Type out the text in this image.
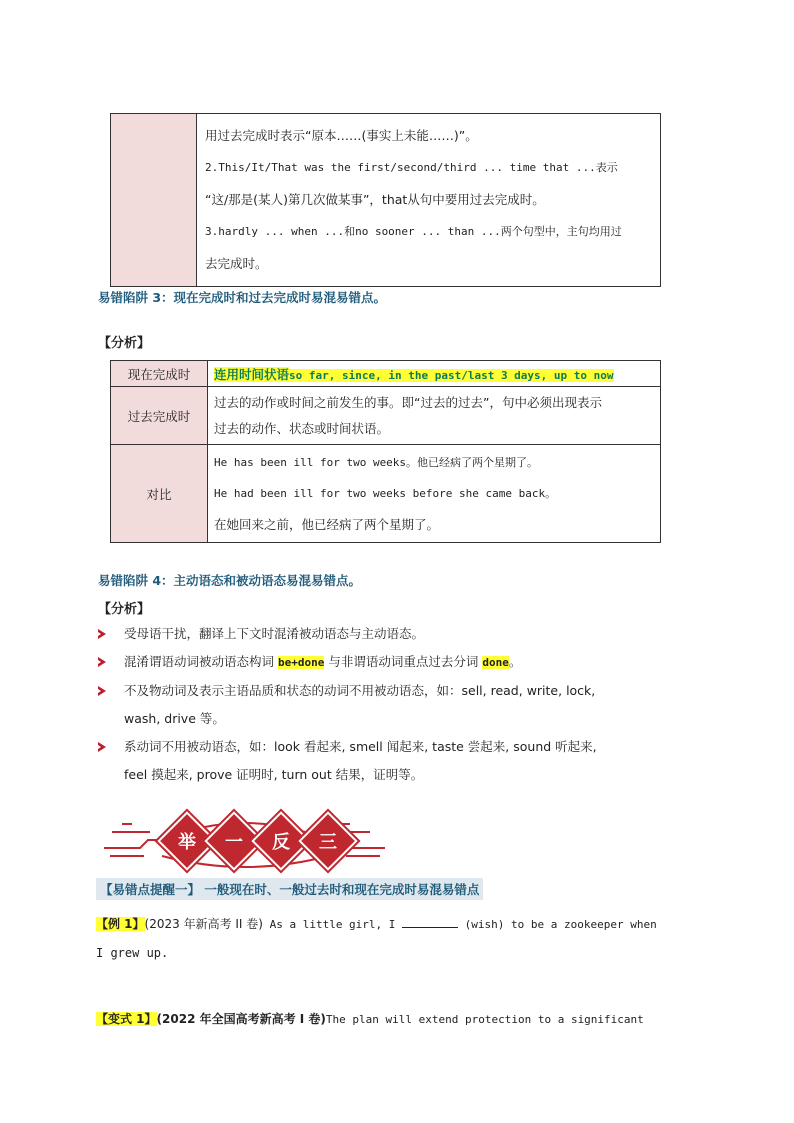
用过去完成时表示“原本……(事实上未能……)”。
2.This/It/That was the first/second/third ... time that ...表示
“这/那是(某人)第几次做某事”，that从句中要用过去完成时。
3.hardly ... when ...和no sooner ... than ...两个句型中，主句均用过
去完成时。
易错陷阱 3：现在完成时和过去完成时易混易错点。
【分析】
现在完成时	连用时间状语so far, since, in the past/last 3 days, up to now
过去完成时	过去的动作或时间之前发生的事。即“过去的过去”，句中必须出现表示
过去的动作、状态或时间状语。

对比	He has been ill for two weeks。他已经病了两个星期了。
He had been ill for two weeks before she came back。
在她回来之前，他已经病了两个星期了。
易错陷阱 4：主动语态和被动语态易混易错点。
【分析】
受母语干扰，翻译上下文时混淆被动语态与主动语态。
混淆谓语动词被动语态构词 be+done 与非谓语动词重点过去分词 done。
不及物动词及表示主语品质和状态的动词不用被动语态，如：sell, read, write, lock,
wash, drive 等。
系动词不用被动语态，如：look 看起来, smell 闻起来, taste 尝起来, sound 听起来,
feel 摸起来, prove 证明时, turn out 结果，证明等。
举	一	反	三
【易错点提醒一】 一般现在时、一般过去时和现在完成时易混易错点
【例 1】(2023 年新高考 II 卷) As a little girl, I	(wish) to be a zookeeper when
I grew up.
【变式 1】(2022 年全国高考新高考 I 卷)The plan will extend protection to a significant
